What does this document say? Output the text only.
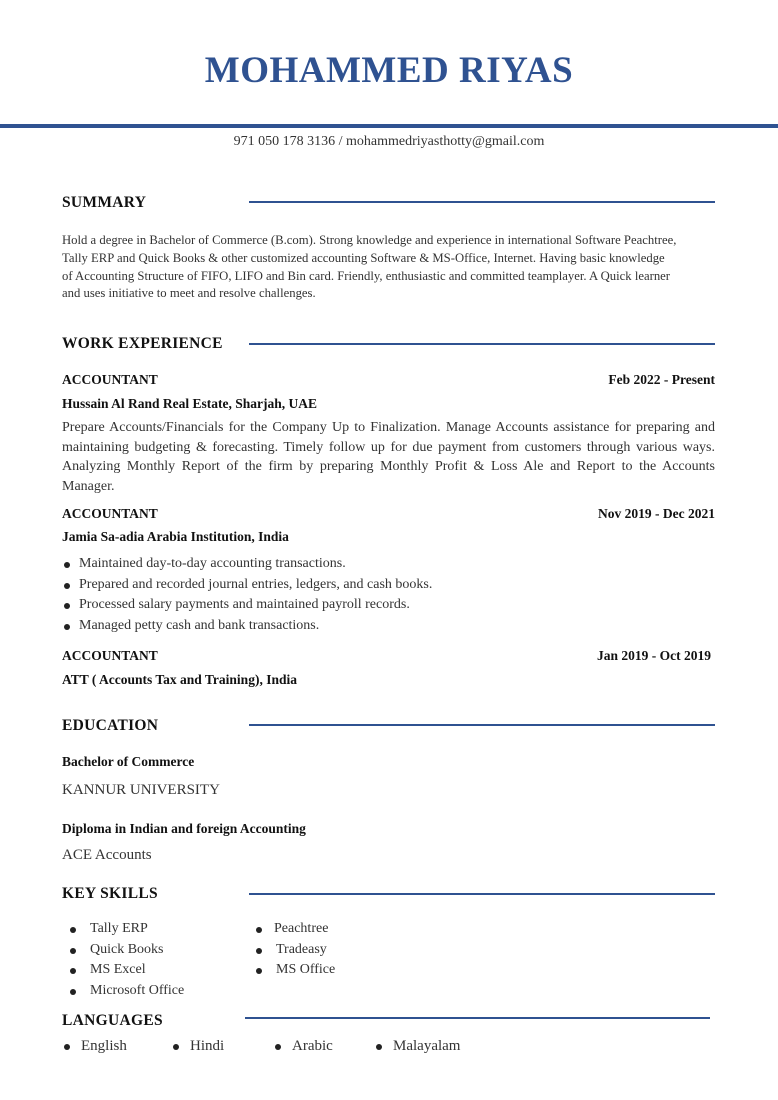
MOHAMMED RIYAS
971 050 178 3136 / mohammedriyasthotty@gmail.com
SUMMARY
Hold a degree in Bachelor of Commerce (B.com). Strong knowledge and experience in international Software Peachtree,
Tally ERP and Quick Books & other customized accounting Software & MS-Office, Internet. Having basic knowledge
of Accounting Structure of FIFO, LIFO and Bin card. Friendly, enthusiastic and committed teamplayer. A Quick learner
and uses initiative to meet and resolve challenges.
WORK EXPERIENCE
ACCOUNTANT	Feb 2022 - Present
Hussain Al Rand Real Estate, Sharjah, UAE

Prepare Accounts/Financials for the Company Up to Finalization. Manage Accounts assistance for preparing and maintaining budgeting & forecasting. Timely follow up for due payment from customers through various ways. Analyzing Monthly Report of the firm by preparing Monthly Profit & Loss Ale and Report to the Accounts Manager.

ACCOUNTANT	Nov 2019 - Dec 2021
Jamia Sa-adia Arabia Institution, India
Maintained day-to-day accounting transactions.
Prepared and recorded journal entries, ledgers, and cash books.
Processed salary payments and maintained payroll records.
Managed petty cash and bank transactions.
ACCOUNTANT	Jan 2019 - Oct 2019
ATT ( Accounts Tax and Training), India
EDUCATION
Bachelor of Commerce
KANNUR UNIVERSITY
Diploma in Indian and foreign Accounting
ACE Accounts
KEY SKILLS
Tally ERP
Quick Books
MS Excel
Microsoft Office
Peachtree
Tradeasy
MS Office
LANGUAGES
English	Hindi	Arabic	Malayalam
